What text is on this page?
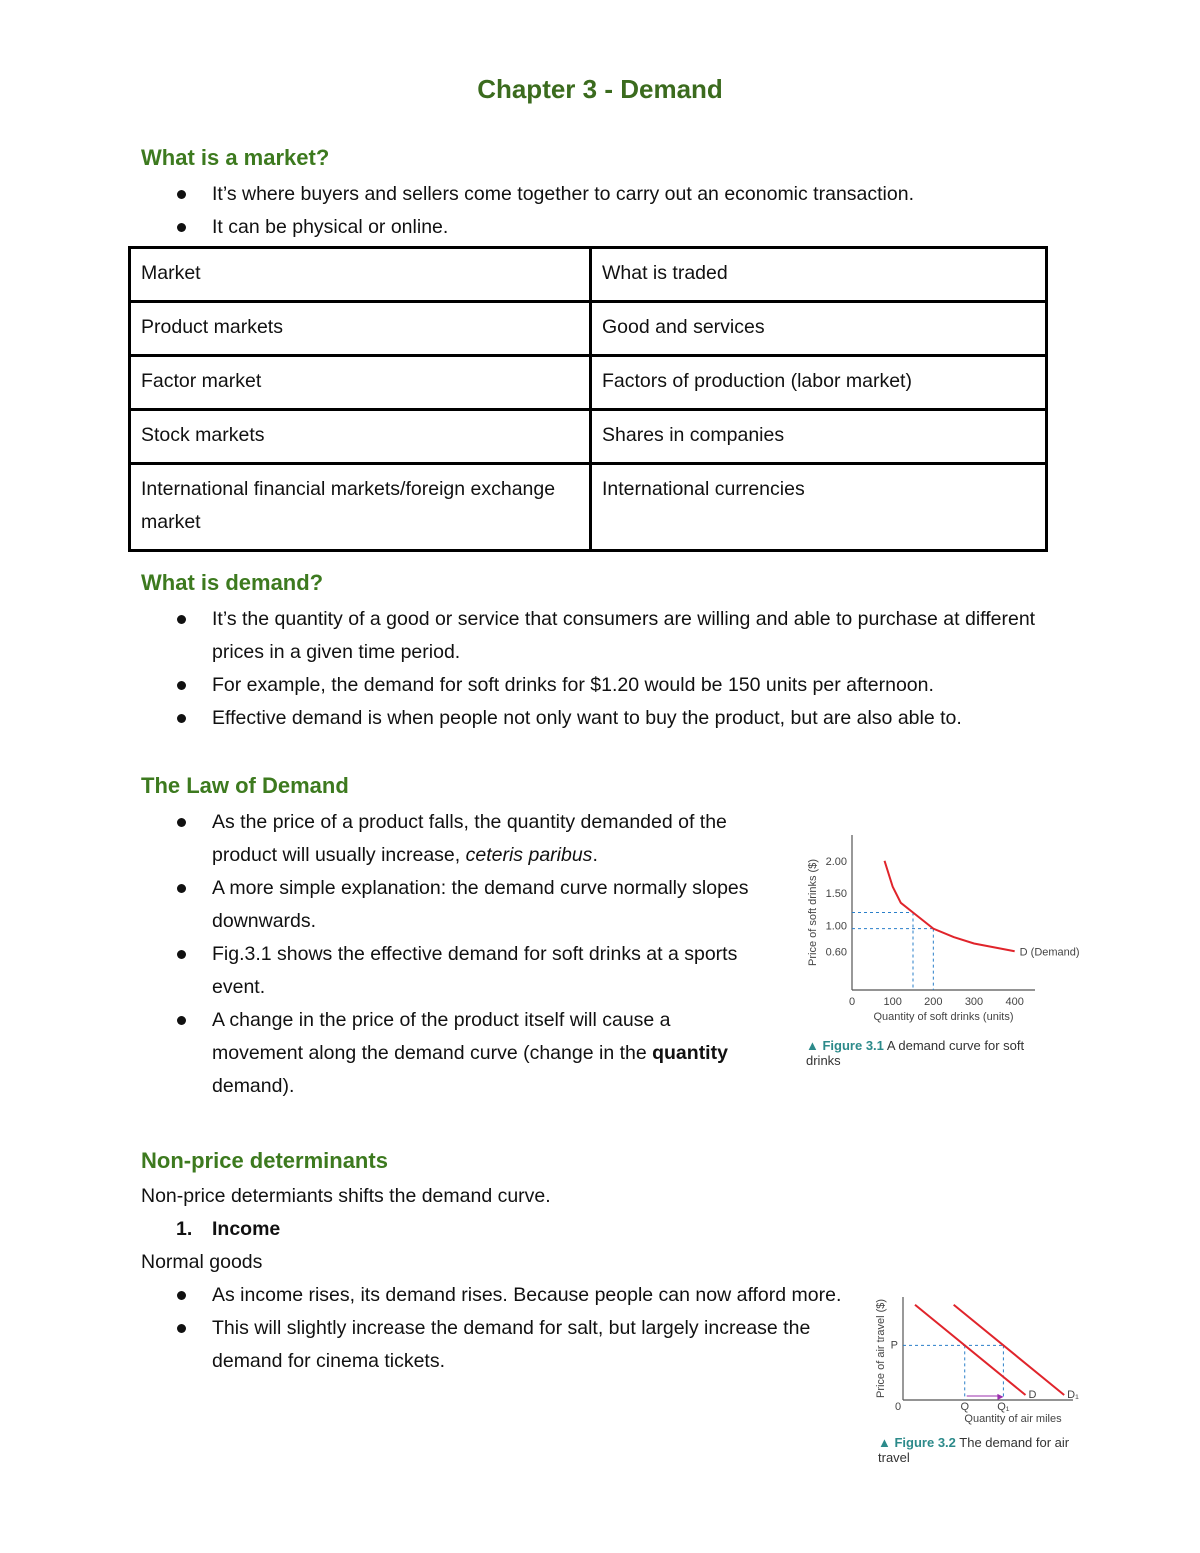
Chapter 3 - Demand
What is a market?
It’s where buyers and sellers come together to carry out an economic transaction.
It can be physical or online.
Market	What is traded
Product markets	Good and services
Factor market	Factors of production (labor market)
Stock markets	Shares in companies
International financial markets/foreign exchange market	International currencies
What is demand?
It’s the quantity of a good or service that consumers are willing and able to purchase at different prices in a given time period.
For example, the demand for soft drinks for $1.20 would be 150 units per afternoon.
Effective demand is when people not only want to buy the product, but are also able to.
The Law of Demand
As the price of a product falls, the quantity demanded of the product will usually increase, ceteris paribus.
A more simple explanation: the demand curve normally slopes downwards.
Fig.3.1 shows the effective demand for soft drinks at a sports event.
A change in the price of the product itself will cause a movement along the demand curve (change in the quantity demand).
2.00
1.50
1.00
0.60
0	100 200 300 400
D (Demand)
Quantity of soft drinks (units)
Price of soft drinks ($)
▲ Figure 3.1 A demand curve for soft drinks
Non-price determinants
Non-price determiants shifts the demand curve.
1. Income
Normal goods
As income rises, its demand rises. Because people can now afford more.
This will slightly increase the demand for salt, but largely increase the demand for cinema tickets.
▶ D	D₁
P
0	Q	Q₁
Quantity of air miles
Price of air travel ($)
▲ Figure 3.2 The demand for air travel
